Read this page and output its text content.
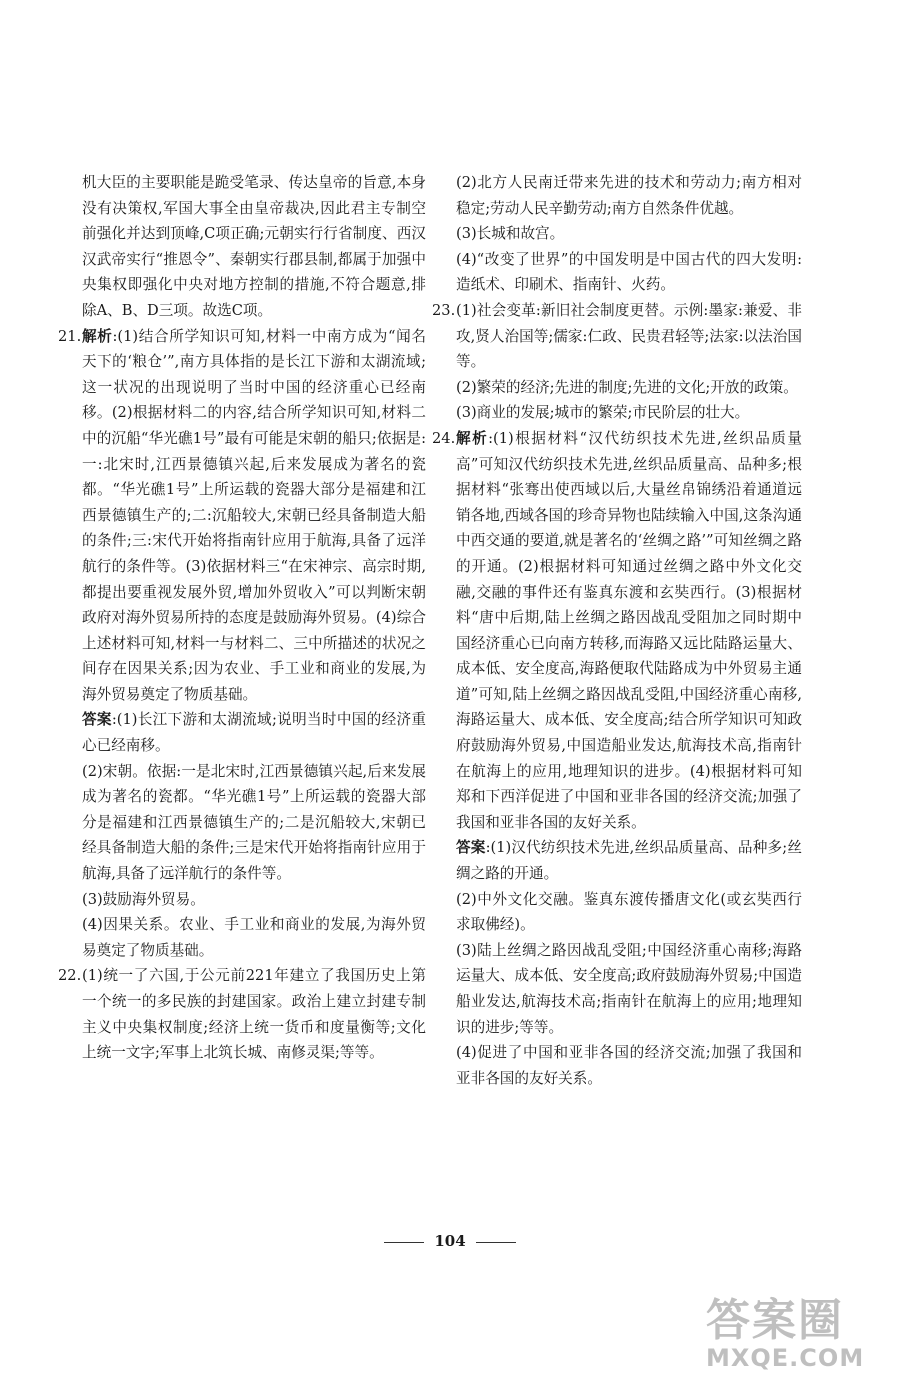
机大臣的主要职能是跪受笔录、传达皇帝的旨意,本身没有决策权,军国大事全由皇帝裁决,因此君主专制空前强化并达到顶峰,C项正确;元朝实行行省制度、西汉汉武帝实行“推恩令”、秦朝实行郡县制,都属于加强中央集权即强化中央对地方控制的措施,不符合题意,排除A、B、D三项。故选C项。

21. 解析:(1)结合所学知识可知,材料一中南方成为“闻名天下的‘粮仓’”,南方具体指的是长江下游和太湖流域;这一状况的出现说明了当时中国的经济重心已经南移。(2)根据材料二的内容,结合所学知识可知,材料二中的沉船“华光礁1号”最有可能是宋朝的船只;依据是:一:北宋时,江西景德镇兴起,后来发展成为著名的瓷都。“华光礁1号”上所运载的瓷器大部分是福建和江西景德镇生产的;二:沉船较大,宋朝已经具备制造大船的条件;三:宋代开始将指南针应用于航海,具备了远洋航行的条件等。(3)依据材料三“在宋神宗、高宗时期,都提出要重视发展外贸,增加外贸收入”可以判断宋朝政府对海外贸易所持的态度是鼓励海外贸易。(4)综合上述材料可知,材料一与材料二、三中所描述的状况之间存在因果关系;因为农业、手工业和商业的发展,为海外贸易奠定了物质基础。

答案:(1)长江下游和太湖流域;说明当时中国的经济重心已经南移。

(2)宋朝。依据:一是北宋时,江西景德镇兴起,后来发展成为著名的瓷都。“华光礁1号”上所运载的瓷器大部分是福建和江西景德镇生产的;二是沉船较大,宋朝已经具备制造大船的条件;三是宋代开始将指南针应用于航海,具备了远洋航行的条件等。

(3)鼓励海外贸易。

(4)因果关系。农业、手工业和商业的发展,为海外贸易奠定了物质基础。

22. (1)统一了六国,于公元前221年建立了我国历史上第一个统一的多民族的封建国家。政治上建立封建专制主义中央集权制度;经济上统一货币和度量衡等;文化上统一文字;军事上北筑长城、南修灵渠;等等。

(2)北方人民南迁带来先进的技术和劳动力;南方相对稳定;劳动人民辛勤劳动;南方自然条件优越。

(3)长城和故宫。

(4)“改变了世界”的中国发明是中国古代的四大发明:造纸术、印刷术、指南针、火药。

23. (1)社会变革:新旧社会制度更替。示例:墨家:兼爱、非攻,贤人治国等;儒家:仁政、民贵君轻等;法家:以法治国等。

(2)繁荣的经济;先进的制度;先进的文化;开放的政策。

(3)商业的发展;城市的繁荣;市民阶层的壮大。

24. 解析:(1)根据材料“汉代纺织技术先进,丝织品质量高”可知汉代纺织技术先进,丝织品质量高、品种多;根据材料“张骞出使西域以后,大量丝帛锦绣沿着通道远销各地,西域各国的珍奇异物也陆续输入中国,这条沟通中西交通的要道,就是著名的‘丝绸之路’”可知丝绸之路的开通。(2)根据材料可知通过丝绸之路中外文化交融,交融的事件还有鉴真东渡和玄奘西行。(3)根据材料“唐中后期,陆上丝绸之路因战乱受阻加之同时期中国经济重心已向南方转移,而海路又远比陆路运量大、成本低、安全度高,海路便取代陆路成为中外贸易主通道”可知,陆上丝绸之路因战乱受阻,中国经济重心南移,海路运量大、成本低、安全度高;结合所学知识可知政府鼓励海外贸易,中国造船业发达,航海技术高,指南针在航海上的应用,地理知识的进步。(4)根据材料可知郑和下西洋促进了中国和亚非各国的经济交流;加强了我国和亚非各国的友好关系。

答案:(1)汉代纺织技术先进,丝织品质量高、品种多;丝绸之路的开通。

(2)中外文化交融。鉴真东渡传播唐文化(或玄奘西行求取佛经)。

(3)陆上丝绸之路因战乱受阻;中国经济重心南移;海路运量大、成本低、安全度高;政府鼓励海外贸易;中国造船业发达,航海技术高;指南针在航海上的应用;地理知识的进步;等等。

(4)促进了中国和亚非各国的经济交流;加强了我国和亚非各国的友好关系。

104
答案圈
MXQE.COM
